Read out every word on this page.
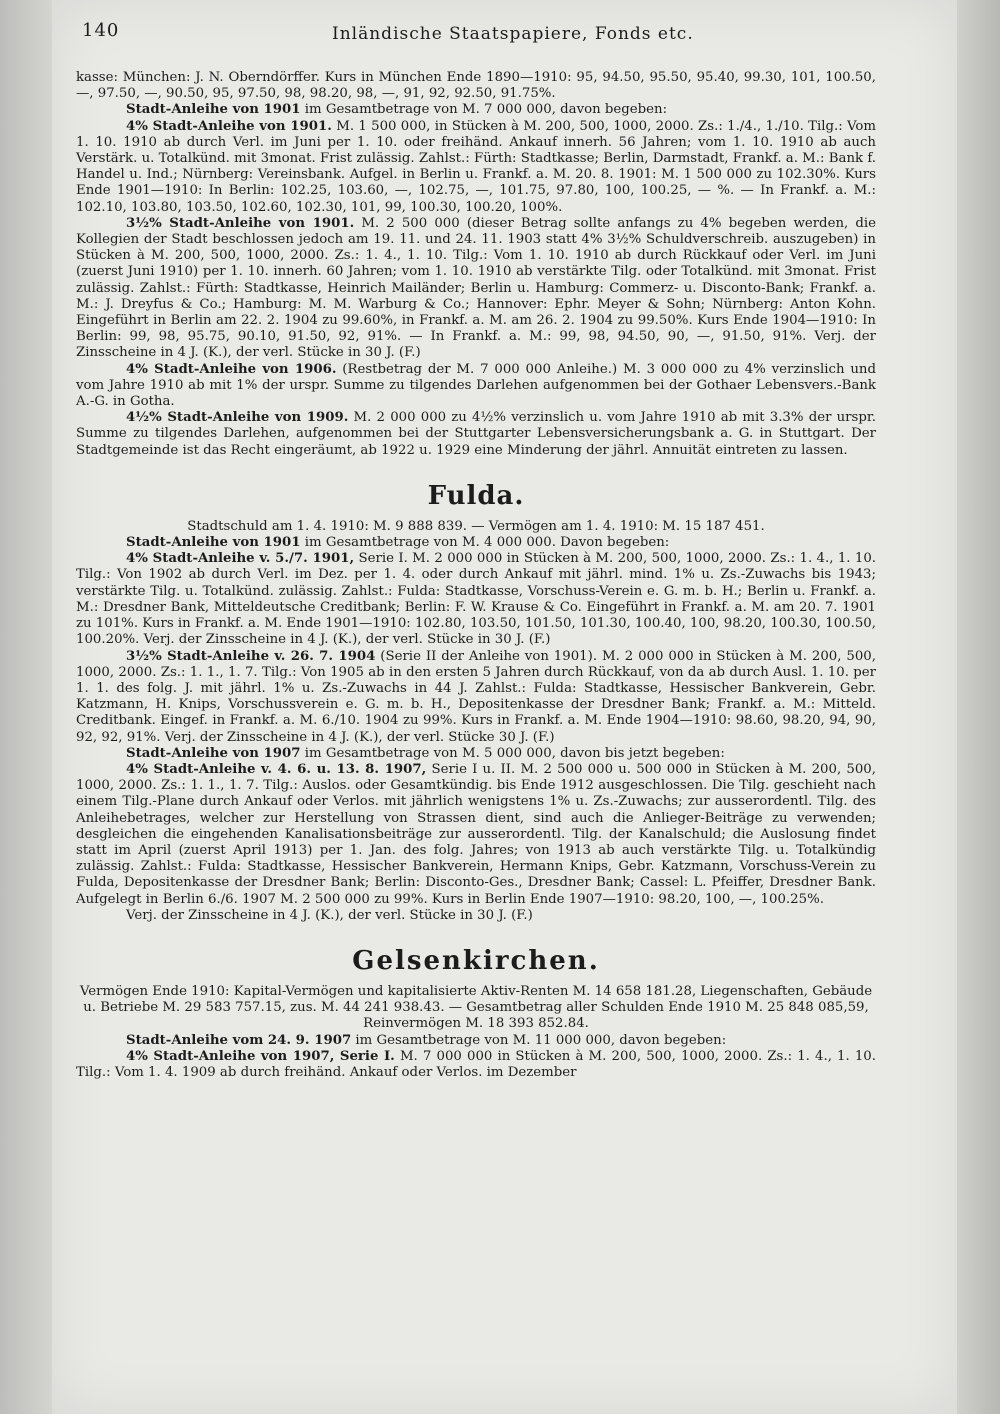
140	Inländische Staatspapiere, Fonds etc.

kasse: München: J. N. Oberndörffer. Kurs in München Ende 1890—1910: 95, 94.50, 95.50, 95.40, 99.30, 101, 100.50, —, 97.50, —, 90.50, 95, 97.50, 98, 98.20, 98, —, 91, 92, 92.50, 91.75%.

Stadt-Anleihe von 1901 im Gesamtbetrage von M. 7 000 000, davon begeben:

4% Stadt-Anleihe von 1901. M. 1 500 000, in Stücken à M. 200, 500, 1000, 2000. Zs.: 1./4., 1./10. Tilg.: Vom 1. 10. 1910 ab durch Verl. im Juni per 1. 10. oder freihänd. Ankauf innerh. 56 Jahren; vom 1. 10. 1910 ab auch Verstärk. u. Totalkünd. mit 3monat. Frist zulässig. Zahlst.: Fürth: Stadtkasse; Berlin, Darmstadt, Frankf. a. M.: Bank f. Handel u. Ind.; Nürnberg: Vereinsbank. Aufgel. in Berlin u. Frankf. a. M. 20. 8. 1901: M. 1 500 000 zu 102.30%. Kurs Ende 1901—1910: In Berlin: 102.25, 103.60, —, 102.75, —, 101.75, 97.80, 100, 100.25, — %. — In Frankf. a. M.: 102.10, 103.80, 103.50, 102.60, 102.30, 101, 99, 100.30, 100.20, 100%.

3½% Stadt-Anleihe von 1901. M. 2 500 000 (dieser Betrag sollte anfangs zu 4% begeben werden, die Kollegien der Stadt beschlossen jedoch am 19. 11. und 24. 11. 1903 statt 4% 3½% Schuldverschreib. auszugeben) in Stücken à M. 200, 500, 1000, 2000. Zs.: 1. 4., 1. 10. Tilg.: Vom 1. 10. 1910 ab durch Rückkauf oder Verl. im Juni (zuerst Juni 1910) per 1. 10. innerh. 60 Jahren; vom 1. 10. 1910 ab verstärkte Tilg. oder Totalkünd. mit 3monat. Frist zulässig. Zahlst.: Fürth: Stadtkasse, Heinrich Mailänder; Berlin u. Hamburg: Commerz- u. Disconto-Bank; Frankf. a. M.: J. Dreyfus & Co.; Hamburg: M. M. Warburg & Co.; Hannover: Ephr. Meyer & Sohn; Nürnberg: Anton Kohn. Eingeführt in Berlin am 22. 2. 1904 zu 99.60%, in Frankf. a. M. am 26. 2. 1904 zu 99.50%. Kurs Ende 1904—1910: In Berlin: 99, 98, 95.75, 90.10, 91.50, 92, 91%. — In Frankf. a. M.: 99, 98, 94.50, 90, —, 91.50, 91%. Verj. der Zinsscheine in 4 J. (K.), der verl. Stücke in 30 J. (F.)

4% Stadt-Anleihe von 1906. (Restbetrag der M. 7 000 000 Anleihe.) M. 3 000 000 zu 4% verzinslich und vom Jahre 1910 ab mit 1% der urspr. Summe zu tilgendes Darlehen aufgenommen bei der Gothaer Lebensvers.-Bank A.-G. in Gotha.

4½% Stadt-Anleihe von 1909. M. 2 000 000 zu 4½% verzinslich u. vom Jahre 1910 ab mit 3.3% der urspr. Summe zu tilgendes Darlehen, aufgenommen bei der Stuttgarter Lebensversicherungsbank a. G. in Stuttgart. Der Stadtgemeinde ist das Recht eingeräumt, ab 1922 u. 1929 eine Minderung der jährl. Annuität eintreten zu lassen.

Fulda.

Stadtschuld am 1. 4. 1910: M. 9 888 839. — Vermögen am 1. 4. 1910: M. 15 187 451.

Stadt-Anleihe von 1901 im Gesamtbetrage von M. 4 000 000. Davon begeben:

4% Stadt-Anleihe v. 5./7. 1901, Serie I. M. 2 000 000 in Stücken à M. 200, 500, 1000, 2000. Zs.: 1. 4., 1. 10. Tilg.: Von 1902 ab durch Verl. im Dez. per 1. 4. oder durch Ankauf mit jährl. mind. 1% u. Zs.-Zuwachs bis 1943; verstärkte Tilg. u. Totalkünd. zulässig. Zahlst.: Fulda: Stadtkasse, Vorschuss-Verein e. G. m. b. H.; Berlin u. Frankf. a. M.: Dresdner Bank, Mitteldeutsche Creditbank; Berlin: F. W. Krause & Co. Eingeführt in Frankf. a. M. am 20. 7. 1901 zu 101%. Kurs in Frankf. a. M. Ende 1901—1910: 102.80, 103.50, 101.50, 101.30, 100.40, 100, 98.20, 100.30, 100.50, 100.20%. Verj. der Zinsscheine in 4 J. (K.), der verl. Stücke in 30 J. (F.)

3½% Stadt-Anleihe v. 26. 7. 1904 (Serie II der Anleihe von 1901). M. 2 000 000 in Stücken à M. 200, 500, 1000, 2000. Zs.: 1. 1., 1. 7. Tilg.: Von 1905 ab in den ersten 5 Jahren durch Rückkauf, von da ab durch Ausl. 1. 10. per 1. 1. des folg. J. mit jährl. 1% u. Zs.-Zuwachs in 44 J. Zahlst.: Fulda: Stadtkasse, Hessischer Bankverein, Gebr. Katzmann, H. Knips, Vorschussverein e. G. m. b. H., Depositenkasse der Dresdner Bank; Frankf. a. M.: Mitteld. Creditbank. Eingef. in Frankf. a. M. 6./10. 1904 zu 99%. Kurs in Frankf. a. M. Ende 1904—1910: 98.60, 98.20, 94, 90, 92, 92, 91%. Verj. der Zinsscheine in 4 J. (K.), der verl. Stücke 30 J. (F.)

Stadt-Anleihe von 1907 im Gesamtbetrage von M. 5 000 000, davon bis jetzt begeben:

4% Stadt-Anleihe v. 4. 6. u. 13. 8. 1907, Serie I u. II. M. 2 500 000 u. 500 000 in Stücken à M. 200, 500, 1000, 2000. Zs.: 1. 1., 1. 7. Tilg.: Auslos. oder Gesamtkündig. bis Ende 1912 ausgeschlossen. Die Tilg. geschieht nach einem Tilg.-Plane durch Ankauf oder Verlos. mit jährlich wenigstens 1% u. Zs.-Zuwachs; zur ausserordentl. Tilg. des Anleihebetrages, welcher zur Herstellung von Strassen dient, sind auch die Anlieger-Beiträge zu verwenden; desgleichen die eingehenden Kanalisationsbeiträge zur ausserordentl. Tilg. der Kanalschuld; die Auslosung findet statt im April (zuerst April 1913) per 1. Jan. des folg. Jahres; von 1913 ab auch verstärkte Tilg. u. Totalkündig zulässig. Zahlst.: Fulda: Stadtkasse, Hessischer Bankverein, Hermann Knips, Gebr. Katzmann, Vorschuss-Verein zu Fulda, Depositenkasse der Dresdner Bank; Berlin: Disconto-Ges., Dresdner Bank; Cassel: L. Pfeiffer, Dresdner Bank. Aufgelegt in Berlin 6./6. 1907 M. 2 500 000 zu 99%. Kurs in Berlin Ende 1907—1910: 98.20, 100, —, 100.25%.

Verj. der Zinsscheine in 4 J. (K.), der verl. Stücke in 30 J. (F.)

Gelsenkirchen.

Vermögen Ende 1910: Kapital-Vermögen und kapitalisierte Aktiv-Renten M. 14 658 181.28, Liegenschaften, Gebäude u. Betriebe M. 29 583 757.15, zus. M. 44 241 938.43. — Gesamtbetrag aller Schulden Ende 1910 M. 25 848 085,59, Reinvermögen M. 18 393 852.84.

Stadt-Anleihe vom 24. 9. 1907 im Gesamtbetrage von M. 11 000 000, davon begeben:

4% Stadt-Anleihe von 1907, Serie I. M. 7 000 000 in Stücken à M. 200, 500, 1000, 2000. Zs.: 1. 4., 1. 10. Tilg.: Vom 1. 4. 1909 ab durch freihänd. Ankauf oder Verlos. im Dezember
